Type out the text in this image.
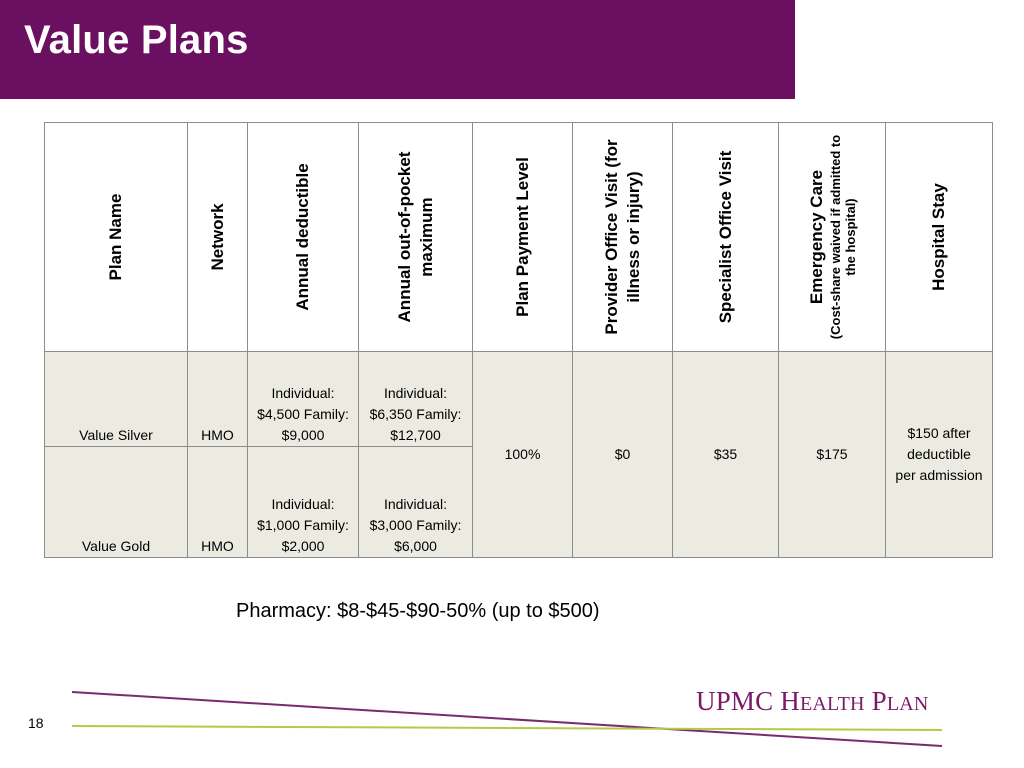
Value Plans
Plan Name	Network	Annual deductible	Annual out-of-pocket maximum	Plan Payment Level	Provider Office Visit (for illness or injury)	Specialist Office Visit	Emergency Care (Cost-share waived if admitted to the hospital)	Hospital Stay

Value Silver	HMO	Individual:
$4,500 Family:
$9,000	Individual:
$6,350 Family:
$12,700	100%	$0	$35	$175	$150 after
deductible
per admission

Value Gold	HMO	Individual:
$1,000 Family:
$2,000	Individual:
$3,000 Family:
$6,000					
Pharmacy: $8-$45-$90-50% (up to $500)
UPMC HEALTH PLAN
18
